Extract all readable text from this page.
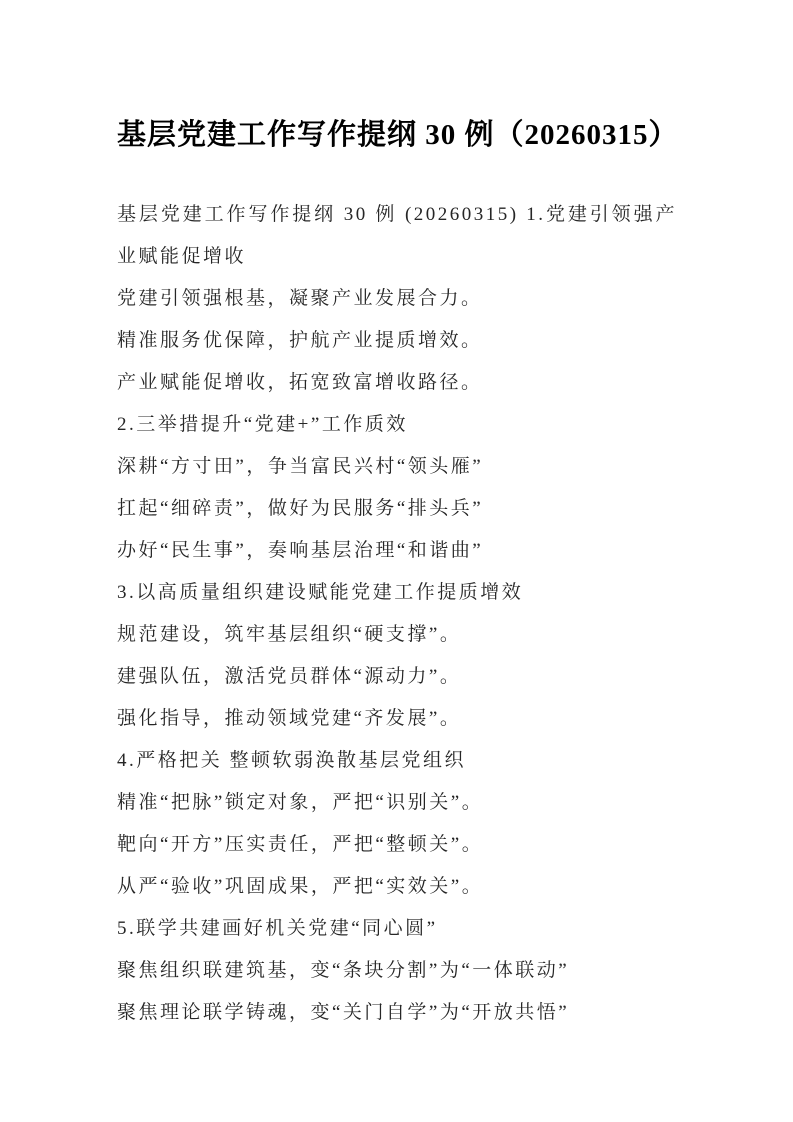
基层党建工作写作提纲 30 例（20260315）

基层党建工作写作提纲 30 例 (20260315) 1.党建引领强产业赋能促增收

党建引领强根基，凝聚产业发展合力。

精准服务优保障，护航产业提质增效。

产业赋能促增收，拓宽致富增收路径。

2.三举措提升“党建+”工作质效

深耕“方寸田”，争当富民兴村“领头雁”

扛起“细碎责”，做好为民服务“排头兵”

办好“民生事”，奏响基层治理“和谐曲”

3.以高质量组织建设赋能党建工作提质增效

规范建设，筑牢基层组织“硬支撑”。

建强队伍，激活党员群体“源动力”。

强化指导，推动领域党建“齐发展”。

4.严格把关 整顿软弱涣散基层党组织

精准“把脉”锁定对象，严把“识别关”。

靶向“开方”压实责任，严把“整顿关”。

从严“验收”巩固成果，严把“实效关”。

5.联学共建画好机关党建“同心圆”

聚焦组织联建筑基，变“条块分割”为“一体联动”

聚焦理论联学铸魂，变“关门自学”为“开放共悟”
